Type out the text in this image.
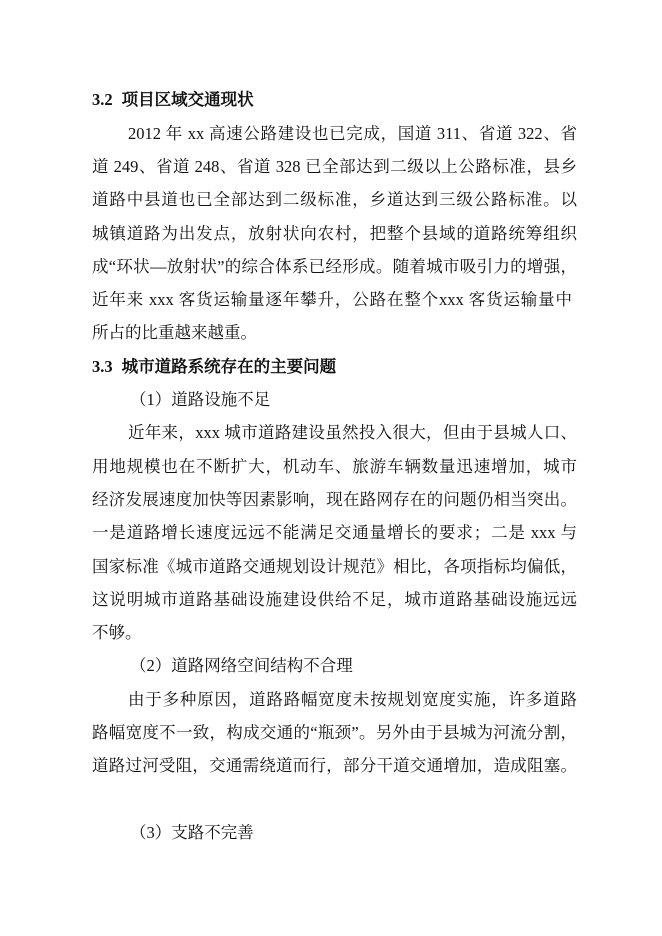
3.2 项目区域交通现状
2012 年 xx 高速公路建设也已完成，国道 311、省道 322、省
道 249、省道 248、省道 328 已全部达到二级以上公路标准，县乡
道路中县道也已全部达到二级标准，乡道达到三级公路标准。以
城镇道路为出发点，放射状向农村，把整个县域的道路统筹组织
成“环状—放射状”的综合体系已经形成。随着城市吸引力的增强，
近年来 xxx 客货运输量逐年攀升，公路在整个xxx 客货运输量中
所占的比重越来越重。
3.3 城市道路系统存在的主要问题
（1）道路设施不足
近年来，xxx 城市道路建设虽然投入很大，但由于县城人口、
用地规模也在不断扩大，机动车、旅游车辆数量迅速增加，城市
经济发展速度加快等因素影响，现在路网存在的问题仍相当突出。
一是道路增长速度远远不能满足交通量增长的要求；二是 xxx 与
国家标准《城市道路交通规划设计规范》相比，各项指标均偏低，
这说明城市道路基础设施建设供给不足，城市道路基础设施远远
不够。
（2）道路网络空间结构不合理
由于多种原因，道路路幅宽度未按规划宽度实施，许多道路
路幅宽度不一致，构成交通的“瓶颈”。另外由于县城为河流分割，
道路过河受阻，交通需绕道而行，部分干道交通增加，造成阻塞。
（3）支路不完善
